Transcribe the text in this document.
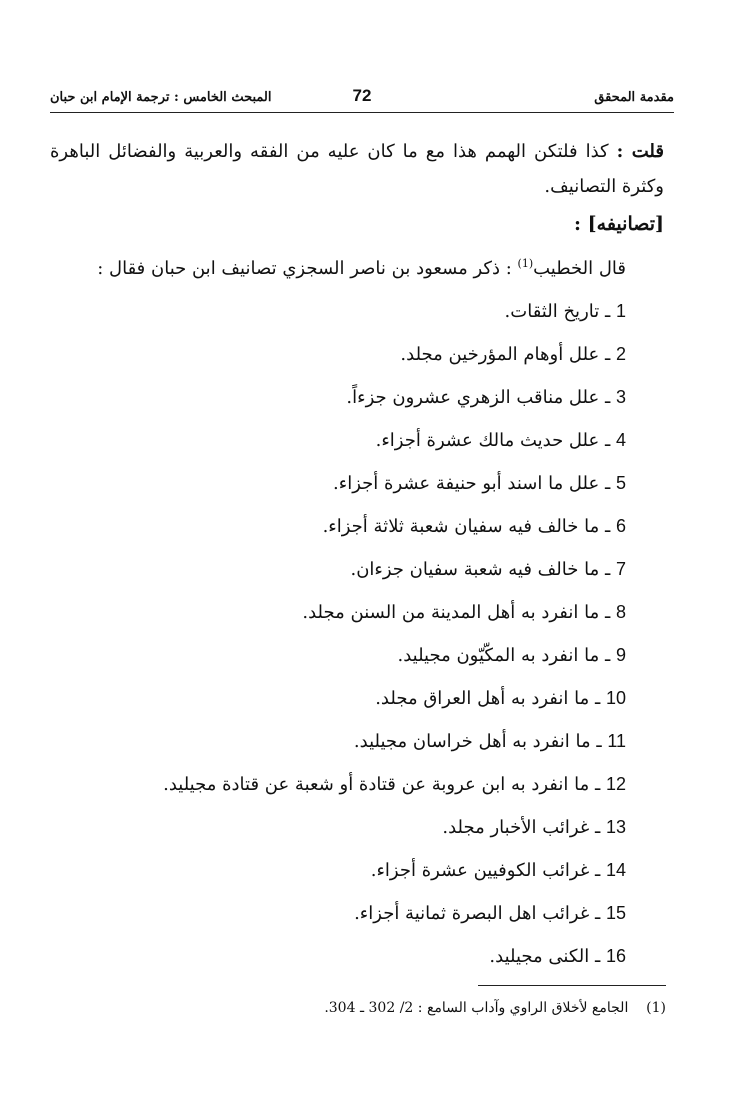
مقدمة المحقق
72
المبحث الخامس : ترجمة الإمام ابن حبان
قلت : كذا فلتكن الهمم هذا مع ما كان عليه من الفقه والعربية والفضائل الباهرة وكثرة التصانيف.
[تصانيفه] :
قال الخطيب$^{(1)}$ : ذكر مسعود بن ناصر السجزي تصانيف ابن حبان فقال :
1 ـ تاريخ الثقات.
2 ـ علل أوهام المؤرخين مجلد.
3 ـ علل مناقب الزهري عشرون جزءاً.
4 ـ علل حديث مالك عشرة أجزاء.
5 ـ علل ما اسند أبو حنيفة عشرة أجزاء.
6 ـ ما خالف فيه سفيان شعبة ثلاثة أجزاء.
7 ـ ما خالف فيه شعبة سفيان جزءان.
8 ـ ما انفرد به أهل المدينة من السنن مجلد.
9 ـ ما انفرد به المكّيّون مجيليد.
10 ـ ما انفرد به أهل العراق مجلد.
11 ـ ما انفرد به أهل خراسان مجيليد.
12 ـ ما انفرد به ابن عروبة عن قتادة أو شعبة عن قتادة مجيليد.
13 ـ غرائب الأخبار مجلد.
14 ـ غرائب الكوفيين عشرة أجزاء.
15 ـ غرائب اهل البصرة ثمانية أجزاء.
16 ـ الكنى مجيليد.
(1)    الجامع لأخلاق الراوي وآداب السامع : 2/ 302 ـ 304.
